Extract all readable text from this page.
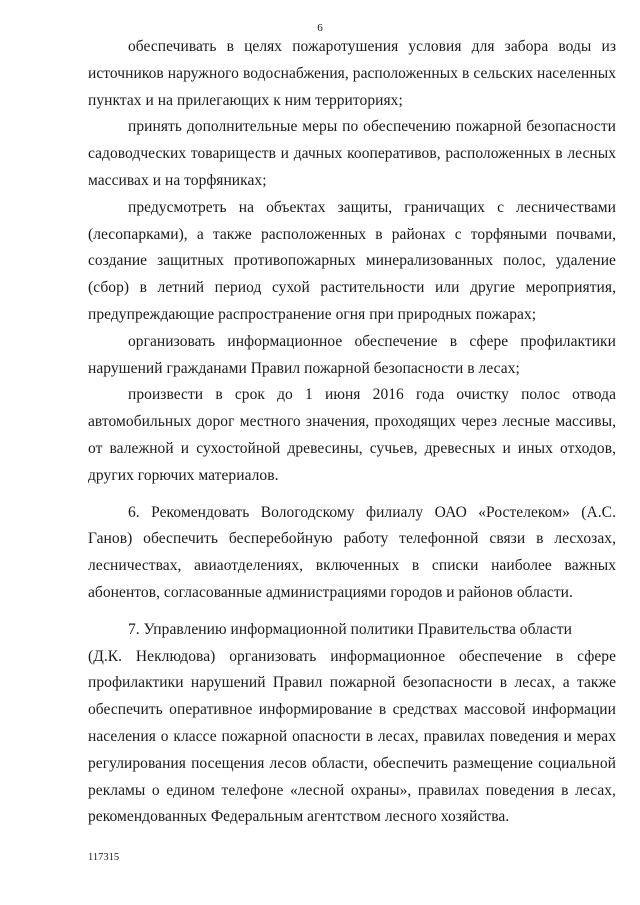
6

обеспечивать в целях пожаротушения условия для забора воды из источников наружного водоснабжения, расположенных в сельских населенных пунктах и на прилегающих к ним территориях;

принять дополнительные меры по обеспечению пожарной безопасности садоводческих товариществ и дачных кооперативов, расположенных в лесных массивах и на торфяниках;

предусмотреть на объектах защиты, граничащих с лесничествами (лесопарками), а также расположенных в районах с торфяными почвами, создание защитных противопожарных минерализованных полос, удаление (сбор) в летний период сухой растительности или другие мероприятия, предупреждающие распространение огня при природных пожарах;

организовать информационное обеспечение в сфере профилактики нарушений гражданами Правил пожарной безопасности в лесах;

произвести в срок до 1 июня 2016 года очистку полос отвода автомобильных дорог местного значения, проходящих через лесные массивы, от валежной и сухостойной древесины, сучьев, древесных и иных отходов, других горючих материалов.

6. Рекомендовать Вологодскому филиалу ОАО «Ростелеком» (А.С. Ганов) обеспечить бесперебойную работу телефонной связи в лесхозах, лесничествах, авиаотделениях, включенных в списки наиболее важных абонентов, согласованные администрациями городов и районов области.

7. Управлению информационной политики Правительства области

(Д.К. Неклюдова) организовать информационное обеспечение в сфере профилактики нарушений Правил пожарной безопасности в лесах, а также обеспечить оперативное информирование в средствах массовой информации населения о классе пожарной опасности в лесах, правилах поведения и мерах регулирования посещения лесов области, обеспечить размещение социальной рекламы о едином телефоне «лесной охраны», правилах поведения в лесах, рекомендованных Федеральным агентством лесного хозяйства.

117315
